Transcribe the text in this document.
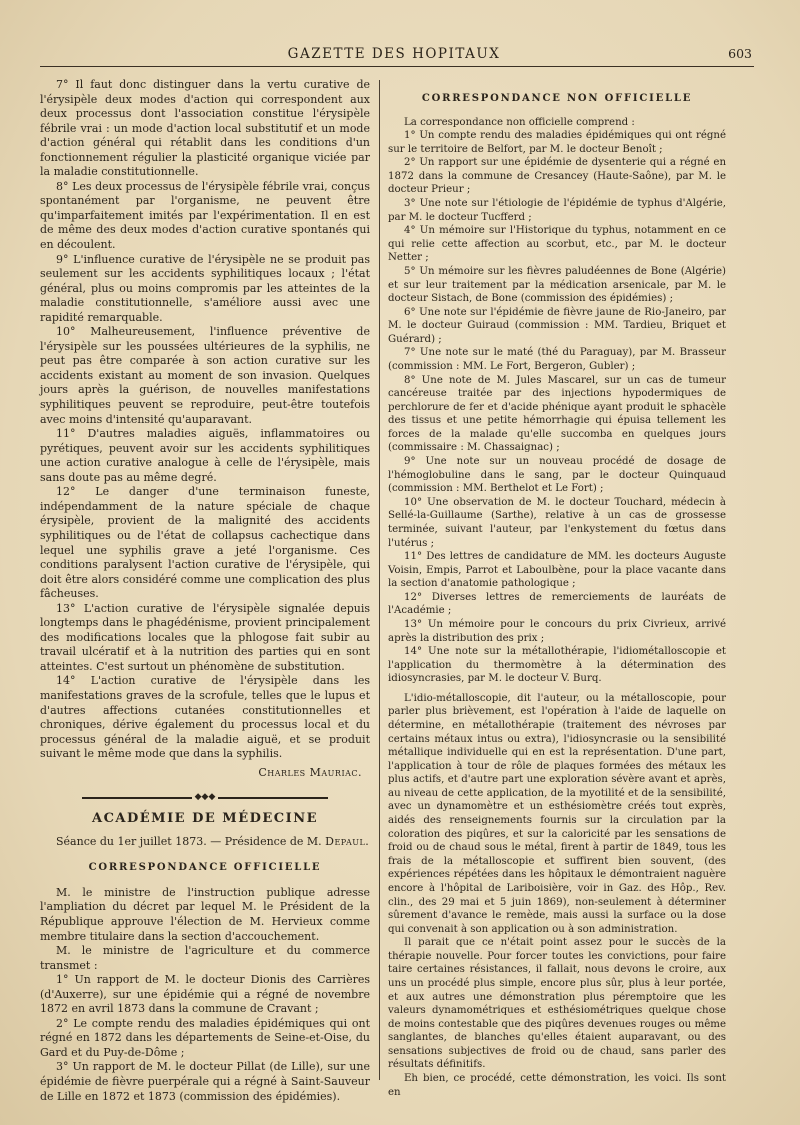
GAZETTE DES HOPITAUX	603

7° Il faut donc distinguer dans la vertu curative de l'érysipèle deux modes d'action qui correspondent aux deux processus dont l'association constitue l'érysipèle fébrile vrai : un mode d'action local substitutif et un mode d'action général qui rétablit dans les conditions d'un fonctionnement régulier la plasticité organique viciée par la maladie constitutionnelle.

8° Les deux processus de l'érysipèle fébrile vrai, conçus spontanément par l'organisme, ne peuvent être qu'imparfaitement imités par l'expérimentation. Il en est de même des deux modes d'action curative spontanés qui en découlent.

9° L'influence curative de l'érysipèle ne se produit pas seulement sur les accidents syphilitiques locaux ; l'état général, plus ou moins compromis par les atteintes de la maladie constitutionnelle, s'améliore aussi avec une rapidité remarquable.

10° Malheureusement, l'influence préventive de l'érysipèle sur les poussées ultérieures de la syphilis, ne peut pas être comparée à son action curative sur les accidents existant au moment de son invasion. Quelques jours après la guérison, de nouvelles manifestations syphilitiques peuvent se reproduire, peut-être toutefois avec moins d'intensité qu'auparavant.

11° D'autres maladies aiguës, inflammatoires ou pyrétiques, peuvent avoir sur les accidents syphilitiques une action curative analogue à celle de l'érysipèle, mais sans doute pas au même degré.

12° Le danger d'une terminaison funeste, indépendamment de la nature spéciale de chaque érysipèle, provient de la malignité des accidents syphilitiques ou de l'état de collapsus cachectique dans lequel une syphilis grave a jeté l'organisme. Ces conditions paralysent l'action curative de l'érysipèle, qui doit être alors considéré comme une complication des plus fâcheuses.

13° L'action curative de l'érysipèle signalée depuis longtemps dans le phagédénisme, provient principalement des modifications locales que la phlogose fait subir au travail ulcératif et à la nutrition des parties qui en sont atteintes. C'est surtout un phénomène de substitution.

14° L'action curative de l'érysipèle dans les manifestations graves de la scrofule, telles que le lupus et d'autres affections cutanées constitutionnelles et chroniques, dérive également du processus local et du processus général de la maladie aiguë, et se produit suivant le même mode que dans la syphilis.

Charles Mauriac.

◆◆◆

ACADÉMIE DE MÉDECINE

Séance du 1er juillet 1873. — Présidence de M. Depaul.

CORRESPONDANCE OFFICIELLE

M. le ministre de l'instruction publique adresse l'ampliation du décret par lequel M. le Président de la République approuve l'élection de M. Hervieux comme membre titulaire dans la section d'accouchement.

M. le ministre de l'agriculture et du commerce transmet :

1° Un rapport de M. le docteur Dionis des Carrières (d'Auxerre), sur une épidémie qui a régné de novembre 1872 en avril 1873 dans la commune de Cravant ;

2° Le compte rendu des maladies épidémiques qui ont régné en 1872 dans les départements de Seine-et-Oise, du Gard et du Puy-de-Dôme ;

3° Un rapport de M. le docteur Pillat (de Lille), sur une épidémie de fièvre puerpérale qui a régné à Saint-Sauveur de Lille en 1872 et 1873 (commission des épidémies).

CORRESPONDANCE NON OFFICIELLE

La correspondance non officielle comprend :

1° Un compte rendu des maladies épidémiques qui ont régné sur le territoire de Belfort, par M. le docteur Benoît ;

2° Un rapport sur une épidémie de dysenterie qui a régné en 1872 dans la commune de Cresancey (Haute-Saône), par M. le docteur Prieur ;

3° Une note sur l'étiologie de l'épidémie de typhus d'Algérie, par M. le docteur Tucfferd ;

4° Un mémoire sur l'Historique du typhus, notamment en ce qui relie cette affection au scorbut, etc., par M. le docteur Netter ;

5° Un mémoire sur les fièvres paludéennes de Bone (Algérie) et sur leur traitement par la médication arsenicale, par M. le docteur Sistach, de Bone (commission des épidémies) ;

6° Une note sur l'épidémie de fièvre jaune de Rio-Janeiro, par M. le docteur Guiraud (commission : MM. Tardieu, Briquet et Guérard) ;

7° Une note sur le maté (thé du Paraguay), par M. Brasseur (commission : MM. Le Fort, Bergeron, Gubler) ;

8° Une note de M. Jules Mascarel, sur un cas de tumeur cancéreuse traitée par des injections hypodermiques de perchlorure de fer et d'acide phénique ayant produit le sphacèle des tissus et une petite hémorrhagie qui épuisa tellement les forces de la malade qu'elle succomba en quelques jours (commissaire : M. Chassaignac) ;

9° Une note sur un nouveau procédé de dosage de l'hémoglobuline dans le sang, par le docteur Quinquaud (commission : MM. Berthelot et Le Fort) ;

10° Une observation de M. le docteur Touchard, médecin à Sellé-la-Guillaume (Sarthe), relative à un cas de grossesse terminée, suivant l'auteur, par l'enkystement du fœtus dans l'utérus ;

11° Des lettres de candidature de MM. les docteurs Auguste Voisin, Empis, Parrot et Laboulbène, pour la place vacante dans la section d'anatomie pathologique ;

12° Diverses lettres de remerciements de lauréats de l'Académie ;

13° Un mémoire pour le concours du prix Civrieux, arrivé après la distribution des prix ;

14° Une note sur la métallothérapie, l'idiométalloscopie et l'application du thermomètre à la détermination des idiosyncrasies, par M. le docteur V. Burq.

L'idio-métalloscopie, dit l'auteur, ou la métalloscopie, pour parler plus brièvement, est l'opération à l'aide de laquelle on détermine, en métallothérapie (traitement des névroses par certains métaux intus ou extra), l'idiosyncrasie ou la sensibilité métallique individuelle qui en est la représentation. D'une part, l'application à tour de rôle de plaques formées des métaux les plus actifs, et d'autre part une exploration sévère avant et après, au niveau de cette application, de la myotilité et de la sensibilité, avec un dynamomètre et un esthésiomètre créés tout exprès, aidés des renseignements fournis sur la circulation par la coloration des piqûres, et sur la caloricité par les sensations de froid ou de chaud sous le métal, firent à partir de 1849, tous les frais de la métalloscopie et suffirent bien souvent, (des expériences répétées dans les hôpitaux le démontraient naguère encore à l'hôpital de Lariboisière, voir in Gaz. des Hôp., Rev. clin., des 29 mai et 5 juin 1869), non-seulement à déterminer sûrement d'avance le remède, mais aussi la surface ou la dose qui convenait à son application ou à son administration.

Il parait que ce n'était point assez pour le succès de la thérapie nouvelle. Pour forcer toutes les convictions, pour faire taire certaines résistances, il fallait, nous devons le croire, aux uns un procédé plus simple, encore plus sûr, plus à leur portée, et aux autres une démonstration plus péremptoire que les valeurs dynamométriques et esthésiométriques quelque chose de moins contestable que des piqûres devenues rouges ou même sanglantes, de blanches qu'elles étaient auparavant, ou des sensations subjectives de froid ou de chaud, sans parler des résultats définitifs.

Eh bien, ce procédé, cette démonstration, les voici. Ils sont en
